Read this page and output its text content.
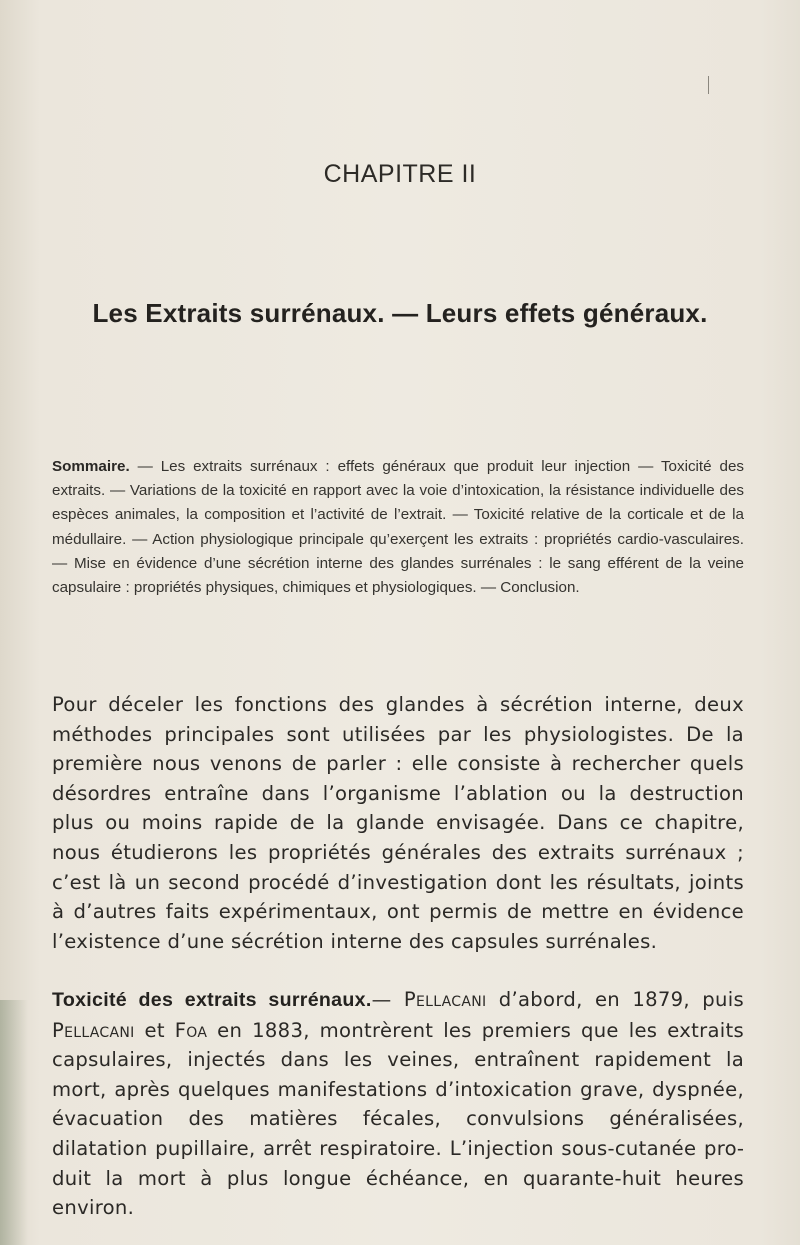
CHAPITRE II
Les Extraits surrénaux. — Leurs effets généraux.
Sommaire. — Les extraits surrénaux : effets généraux que produit leur injection — Toxicité des extraits. — Variations de la toxicité en rapport avec la voie d’intoxication, la résistance individuelle des espèces animales, la composition et l’activité de l’extrait. — Toxicité relative de la corticale et de la médullaire. — Action physiologique principale qu’exerçent les extraits : propriétés cardio-vasculaires. — Mise en évidence d’une sécrétion interne des glandes surrénales : le sang efférent de la veine capsulaire : propriétés physiques, chimiques et physiologiques. — Conclusion.
Pour déceler les fonctions des glandes à sécrétion interne, deux méthodes principales sont utilisées par les physiologistes. De la première nous venons de parler : elle consiste à rechercher quels désordres entraîne dans l’organisme l’ablation ou la destruction plus ou moins rapide de la glande envisagée. Dans ce chapitre, nous étudierons les propriétés générales des extraits surrénaux ; c’est là un second procédé d’investigation dont les résultats, joints à d’autres faits expérimentaux, ont permis de mettre en évidence l’existence d’une sécrétion interne des capsules surrénales.
Toxicité des extraits surrénaux.— Pellacani d’abord, en 1879, puis Pellacani et Foa en 1883, montrèrent les premiers que les extraits capsulaires, injectés dans les veines, entraînent rapidement la mort, après quelques manifestations d’intoxication grave, dyspnée, évacuation des matières fécales, convulsions généralisées, dilatation pupillaire, arrêt respiratoire. L’injection sous-cutanée produit la mort à plus longue échéance, en quarante-huit heures environ.
